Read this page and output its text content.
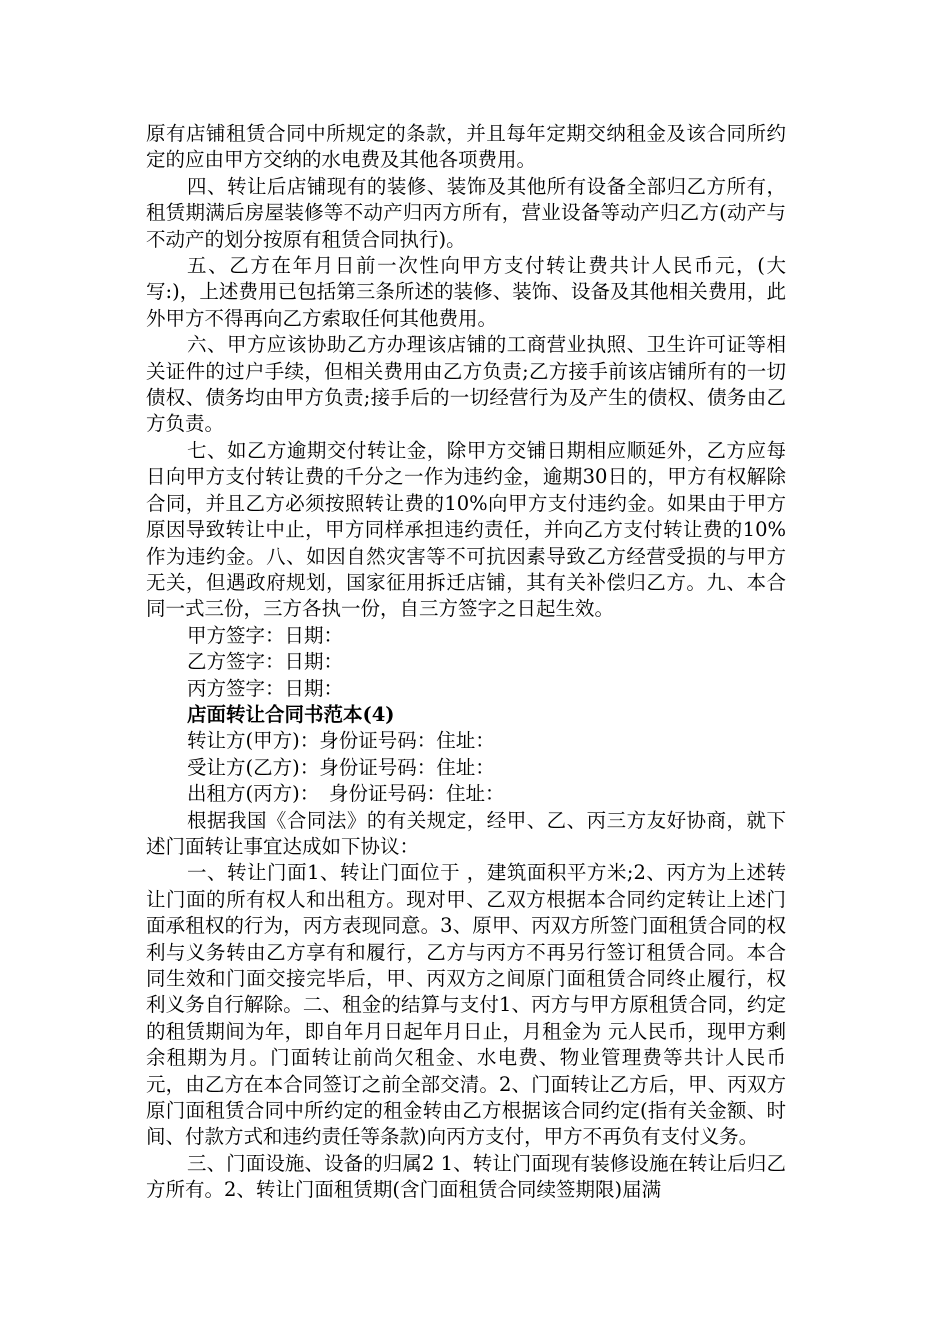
原有店铺租赁合同中所规定的条款，并且每年定期交纳租金及该合同所约定的应由甲方交纳的水电费及其他各项费用。

四、转让后店铺现有的装修、装饰及其他所有设备全部归乙方所有，租赁期满后房屋装修等不动产归丙方所有，营业设备等动产归乙方(动产与不动产的划分按原有租赁合同执行)。

五、乙方在年月日前一次性向甲方支付转让费共计人民币元，(大写:)，上述费用已包括第三条所述的装修、装饰、设备及其他相关费用，此外甲方不得再向乙方索取任何其他费用。

六、甲方应该协助乙方办理该店铺的工商营业执照、卫生许可证等相关证件的过户手续，但相关费用由乙方负责;乙方接手前该店铺所有的一切债权、债务均由甲方负责;接手后的一切经营行为及产生的债权、债务由乙方负责。

七、如乙方逾期交付转让金，除甲方交铺日期相应顺延外，乙方应每日向甲方支付转让费的千分之一作为违约金，逾期30日的，甲方有权解除合同，并且乙方必须按照转让费的10%向甲方支付违约金。如果由于甲方原因导致转让中止，甲方同样承担违约责任，并向乙方支付转让费的10%作为违约金。八、如因自然灾害等不可抗因素导致乙方经营受损的与甲方无关，但遇政府规划，国家征用拆迁店铺，其有关补偿归乙方。九、本合同一式三份，三方各执一份，自三方签字之日起生效。

甲方签字：日期：

乙方签字：日期：

丙方签字：日期：

店面转让合同书范本(4)

转让方(甲方)：身份证号码：住址：

受让方(乙方)：身份证号码：住址：

出租方(丙方)：　身份证号码：住址：

根据我国《合同法》的有关规定，经甲、乙、丙三方友好协商，就下述门面转让事宜达成如下协议：

一、转让门面1、转让门面位于 ，建筑面积平方米;2、丙方为上述转让门面的所有权人和出租方。现对甲、乙双方根据本合同约定转让上述门面承租权的行为，丙方表现同意。3、原甲、丙双方所签门面租赁合同的权利与义务转由乙方享有和履行，乙方与丙方不再另行签订租赁合同。本合同生效和门面交接完毕后，甲、丙双方之间原门面租赁合同终止履行，权利义务自行解除。二、租金的结算与支付1、丙方与甲方原租赁合同，约定的租赁期间为年，即自年月日起年月日止，月租金为 元人民币，现甲方剩余租期为月。门面转让前尚欠租金、水电费、物业管理费等共计人民币 元，由乙方在本合同签订之前全部交清。2、门面转让乙方后，甲、丙双方原门面租赁合同中所约定的租金转由乙方根据该合同约定(指有关金额、时间、付款方式和违约责任等条款)向丙方支付，甲方不再负有支付义务。

三、门面设施、设备的归属2 1、转让门面现有装修设施在转让后归乙方所有。2、转让门面租赁期(含门面租赁合同续签期限)届满
